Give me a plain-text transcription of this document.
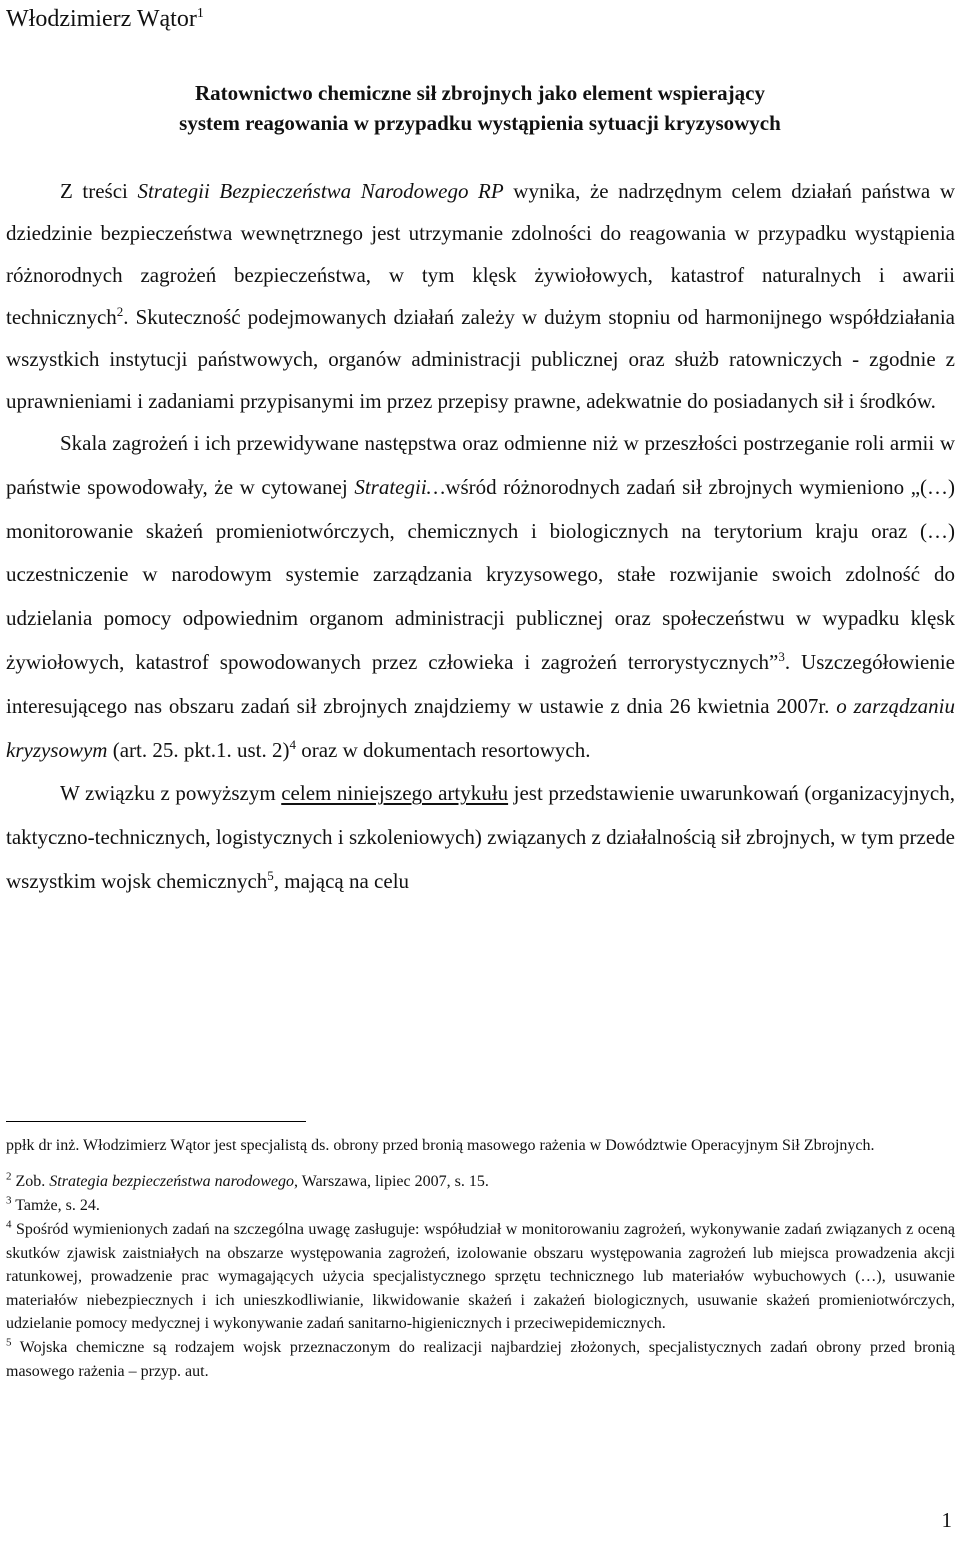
Włodzimierz Wątor$^1$
Ratownictwo chemiczne sił zbrojnych jako element wspierający
system reagowania w przypadku wystąpienia sytuacji kryzysowych

Z treści Strategii Bezpieczeństwa Narodowego RP wynika, że nadrzędnym celem działań państwa w dziedzinie bezpieczeństwa wewnętrznego jest utrzymanie zdolności do reagowania w przypadku wystąpienia różnorodnych zagrożeń bezpieczeństwa, w tym klęsk żywiołowych, katastrof naturalnych i awarii technicznych$^2$. Skuteczność podejmowanych działań zależy w dużym stopniu od harmonijnego współdziałania wszystkich instytucji państwowych, organów administracji publicznej oraz służb ratowniczych - zgodnie z uprawnieniami i zadaniami przypisanymi im przez przepisy prawne, adekwatnie do posiadanych sił i środków.

Skala zagrożeń i ich przewidywane następstwa oraz odmienne niż w przeszłości postrzeganie roli armii w państwie spowodowały, że w cytowanej Strategii…wśród różnorodnych zadań sił zbrojnych wymieniono „(…) monitorowanie skażeń promieniotwórczych, chemicznych i biologicznych na terytorium kraju oraz (…) uczestniczenie w narodowym systemie zarządzania kryzysowego, stałe rozwijanie swoich zdolność do udzielania pomocy odpowiednim organom administracji publicznej oraz społeczeństwu w wypadku klęsk żywiołowych, katastrof spowodowanych przez człowieka i zagrożeń terrorystycznych”$^3$. Uszczegółowienie interesującego nas obszaru zadań sił zbrojnych znajdziemy w ustawie z dnia 26 kwietnia 2007r. o zarządzaniu kryzysowym (art. 25. pkt.1. ust. 2)$^4$ oraz w dokumentach resortowych.

W związku z powyższym celem niniejszego artykułu jest przedstawienie uwarunkowań (organizacyjnych, taktyczno-technicznych, logistycznych i szkoleniowych) związanych z działalnością sił zbrojnych, w tym przede wszystkim wojsk chemicznych$^5$, mającą na celu

ppłk dr inż. Włodzimierz Wątor jest specjalistą ds. obrony przed bronią masowego rażenia w Dowództwie Operacyjnym Sił Zbrojnych.

$^2$ Zob. Strategia bezpieczeństwa narodowego, Warszawa, lipiec 2007, s. 15.

$^3$ Tamże, s. 24.

$^4$ Spośród wymienionych zadań na szczególna uwagę zasługuje: współudział w monitorowaniu zagrożeń, wykonywanie zadań związanych z oceną skutków zjawisk zaistniałych na obszarze występowania zagrożeń, izolowanie obszaru występowania zagrożeń lub miejsca prowadzenia akcji ratunkowej, prowadzenie prac wymagających użycia specjalistycznego sprzętu technicznego lub materiałów wybuchowych (…), usuwanie materiałów niebezpiecznych i ich unieszkodliwianie, likwidowanie skażeń i zakażeń biologicznych, usuwanie skażeń promieniotwórczych, udzielanie pomocy medycznej i wykonywanie zadań sanitarno-higienicznych i przeciwepidemicznych.

$^5$ Wojska chemiczne są rodzajem wojsk przeznaczonym do realizacji najbardziej złożonych, specjalistycznych zadań obrony przed bronią masowego rażenia – przyp. aut.

1
